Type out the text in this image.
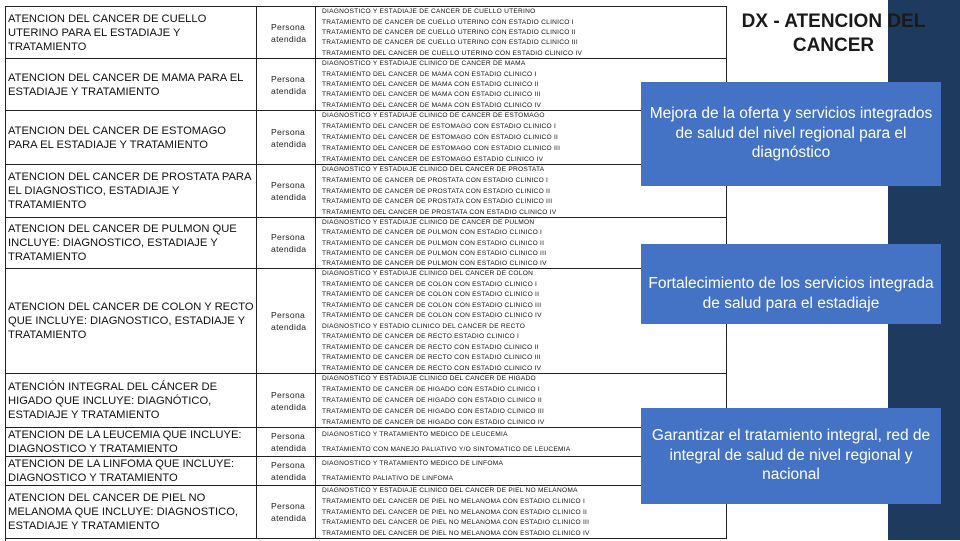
ATENCION DEL CANCER DE CUELLO UTERINO PARA EL ESTADIAJE Y TRATAMIENTO
Persona atendida
DIAGNOSTICO Y ESTADIAJE DE CANCER DE CUELLO UTERINO
TRATAMIENTO DE CANCER DE CUELLO UTERINO CON ESTADIO CLINICO I
TRATAMIENTO DE CANCER DE CUELLO UTERINO CON ESTADIO CLINICO II
TRATAMIENTO DE CANCER DE CUELLO UTERINO CON ESTADIO CLINICO III
TRATAMIENTO DEL CANCER DE CUELLO UTERINO CON ESTADIO CLINICO IV
ATENCION DEL CANCER DE MAMA PARA EL ESTADIAJE Y TRATAMIENTO
Persona atendida
DIAGNOSTICO Y ESTADIAJE CLINICO DE CANCER DE MAMA
TRATAMIENTO DEL CANCER DE MAMA CON ESTADIO CLINICO I
TRATAMIENTO DEL CANCER DE MAMA CON ESTADIO CLINICO II
TRATAMIENTO DEL CANCER DE MAMA CON ESTADIO CLINICO III
TRATAMIENTO DEL CANCER DE MAMA CON ESTADIO CLINICO IV
ATENCION DEL CANCER DE ESTOMAGO PARA EL ESTADIAJE Y TRATAMIENTO
Persona atendida
DIAGNOSTICO Y ESTADIAJE CLINICO DE CANCER DE ESTOMAGO
TRATAMIENTO DEL CANCER DE ESTOMAGO CON ESTADIO CLINICO I
TRATAMIENTO DEL CANCER DE ESTOMAGO CON ESTADIO CLINICO II
TRATAMIENTO DEL CANCER DE ESTOMAGO CON ESTADIO CLINICO III
TRATAMIENTO DEL CANCER DE ESTOMAGO ESTADIO CLINICO IV
ATENCION DEL CANCER DE PROSTATA PARA EL DIAGNOSTICO, ESTADIAJE Y TRATAMIENTO
Persona atendida
DIAGNOSTICO Y ESTADIAJE CLINICO DEL CANCER DE PROSTATA
TRATAMIENTO DE CANCER DE PROSTATA CON ESTADIO CLINICO I
TRATAMIENTO DE CANCER DE PROSTATA CON ESTADIO CLINICO II
TRATAMIENTO DE CANCER DE PROSTATA CON ESTADIO CLINICO III
TRATAMIENTO DEL CANCER DE PROSTATA CON ESTADIO CLINICO IV
ATENCION DEL CANCER DE PULMON QUE INCLUYE: DIAGNOSTICO, ESTADIAJE Y TRATAMIENTO
Persona atendida
DIAGNOSTICO Y ESTADIAJE CLINICO DE CANCER DE PULMON
TRATAMIENTO DE CANCER DE PULMON CON ESTADIO CLINICO I
TRATAMIENTO DE CANCER DE PULMON CON ESTADIO CLINICO II
TRATAMIENTO DE CANCER DE PULMON CON ESTADIO CLINICO III
TRATAMIENTO DE CANCER DE PULMON CON ESTADIO CLINICO IV
ATENCION DEL CANCER DE COLON Y RECTO QUE INCLUYE: DIAGNOSTICO, ESTADIAJE Y TRATAMIENTO
Persona atendida
DIAGNOSTICO Y ESTADIAJE CLINICO DEL CANCER DE COLON
TRATAMIENTO DE CANCER DE COLON CON ESTADIO CLINICO I
TRATAMIENTO DE CANCER DE COLON CON ESTADIO CLINICO II
TRATAMIENTO DE CANCER DE COLON CON ESTADIO CLINICO III
TRATAMIENTO DE CANCER DE COLON CON ESTADIO CLINICO IV
DIAGNOSTICO Y ESTADIO CLINICO DEL CANCER DE RECTO
TRATAMIENTO DE CANCER DE RECTO ESTADIO CLINICO I
TRATAMIENTO DE CANCER DE RECTO CON ESTADIO CLINICO II
TRATAMIENTO DE CANCER DE RECTO CON ESTADIO CLINICO III
TRATAMIENTO DE CANCER DE RECTO CON ESTADIO CLINICO IV
ATENCIÓN INTEGRAL DEL CÁNCER DE HIGADO QUE INCLUYE: DIAGNÓTICO, ESTADIAJE Y TRATAMIENTO
Persona atendida
DIAGNOSTICO Y ESTADIAJE CLINICO DEL CANCER DE HIGADO
TRATAMIENTO DE CANCER DE HIGADO CON ESTADIO CLINICO I
TRATAMIENTO DE CANCER DE HIGADO CON ESTADIO CLINICO II
TRATAMIENTO DE CANCER DE HIGADO CON ESTADIO CLINICO III
TRATAMIENTO DE CANCER DE HIGADO CON ESTADIO CLINICO IV
ATENCION DE LA LEUCEMIA QUE INCLUYE: DIAGNOSTICO Y TRATAMIENTO
Persona atendida
DIAGNOSTICO Y TRATAMIENTO MEDICO DE LEUCEMIA
TRATAMIENTO CON MANEJO PALIATIVO Y/O SINTOMATICO DE LEUCEMIA
ATENCION DE LA LINFOMA QUE INCLUYE: DIAGNOSTICO Y TRATAMIENTO
Persona atendida
DIAGNOSTICO Y TRATAMIENTO MEDICO DE LINFOMA
TRATAMIENTO PALIATIVO DE LINFOMA
ATENCION DEL CANCER DE PIEL NO MELANOMA QUE INCLUYE: DIAGNOSTICO, ESTADIAJE Y TRATAMIENTO
Persona atendida
DIAGNOSTICO Y ESTADIAJE CLINICO DEL CANCER DE PIEL NO MELANOMA
TRATAMIENTO DEL CANCER DE PIEL NO MELANOMA CON ESTADIO CLINICO I
TRATAMIENTO DEL CANCER DE PIEL NO MELANOMA CON ESTADIO CLINICO II
TRATAMIENTO DEL CANCER DE PIEL NO MELANOMA CON ESTADIO CLINICO III
TRATAMIENTO DEL CANCER DE PIEL NO MELANOMA CON ESTADIO CLINICO IV
DX - ATENCION DEL CANCER
Mejora de la oferta y servicios integrados de salud del nivel regional para el diagnóstico
Fortalecimiento de los servicios integrada de salud para el estadiaje
Garantizar el tratamiento integral, red de integral de salud de nivel regional y nacional
